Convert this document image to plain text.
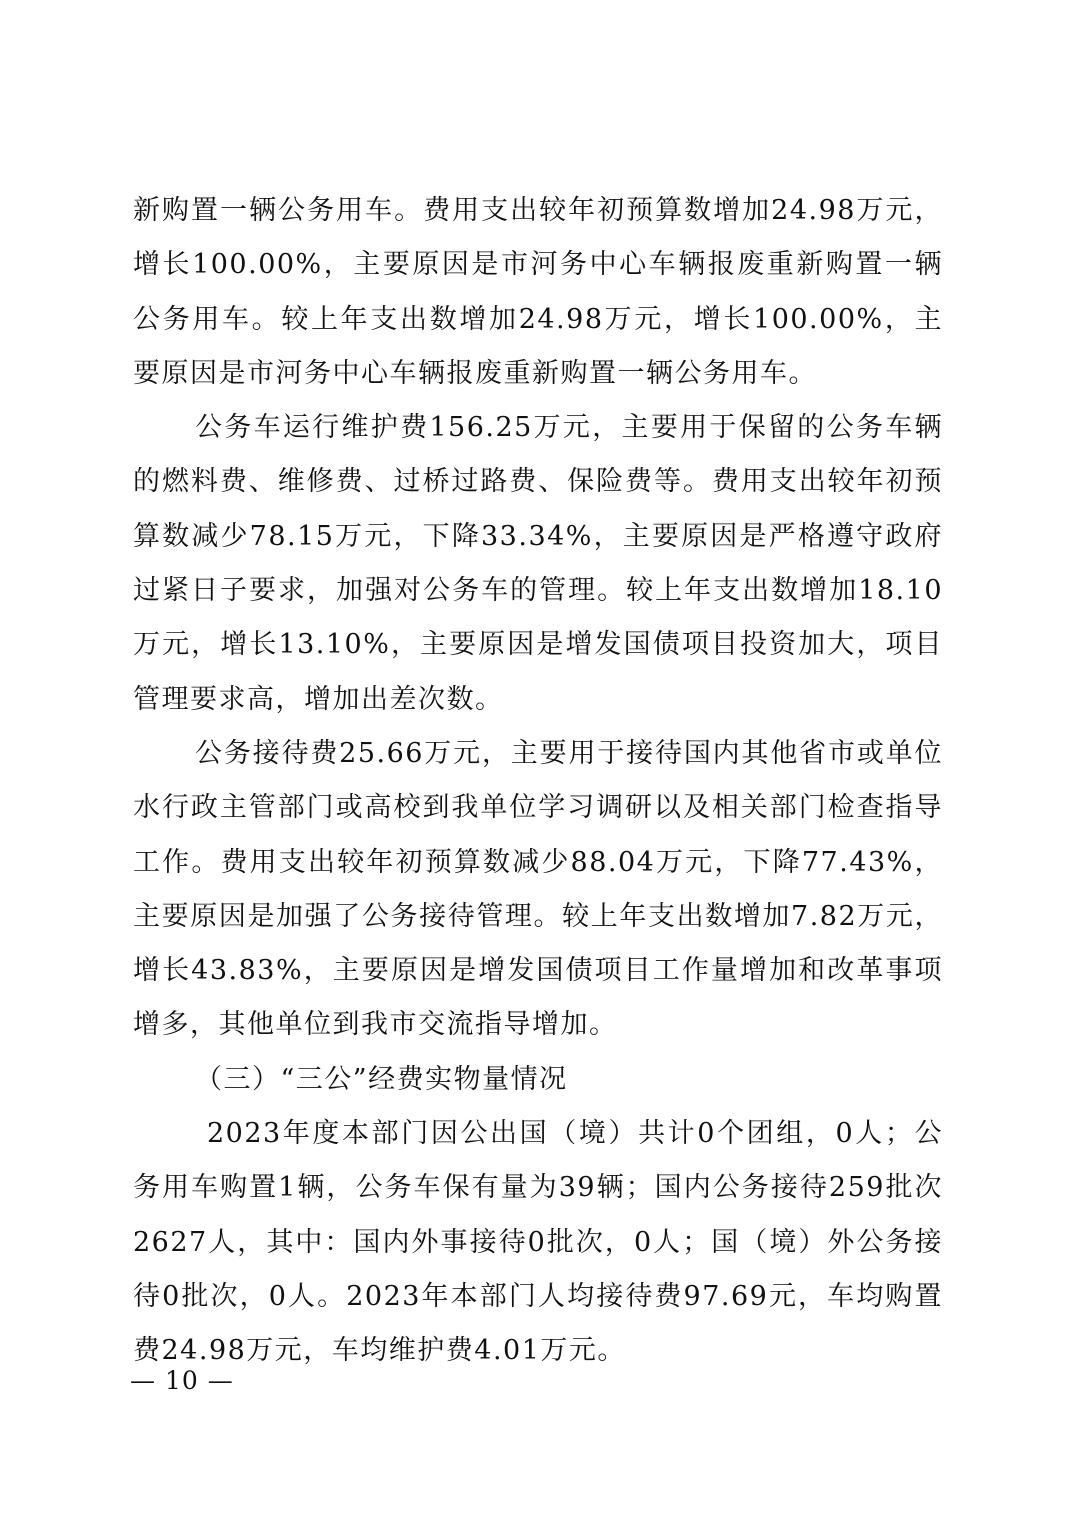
新购置一辆公务用车。费用支出较年初预算数增加24.98万元，增长100.00%，主要原因是市河务中心车辆报废重新购置一辆公务用车。较上年支出数增加24.98万元，增长100.00%，主要原因是市河务中心车辆报废重新购置一辆公务用车。

公务车运行维护费156.25万元，主要用于保留的公务车辆的燃料费、维修费、过桥过路费、保险费等。费用支出较年初预算数减少78.15万元，下降33.34%，主要原因是严格遵守政府过紧日子要求，加强对公务车的管理。较上年支出数增加18.10万元，增长13.10%，主要原因是增发国债项目投资加大，项目管理要求高，增加出差次数。

公务接待费25.66万元，主要用于接待国内其他省市或单位水行政主管部门或高校到我单位学习调研以及相关部门检查指导工作。费用支出较年初预算数减少88.04万元，下降77.43%，主要原因是加强了公务接待管理。较上年支出数增加7.82万元，增长43.83%，主要原因是增发国债项目工作量增加和改革事项增多，其他单位到我市交流指导增加。

（三）“三公”经费实物量情况

2023年度本部门因公出国（境）共计0个团组，0人；公务用车购置1辆，公务车保有量为39辆；国内公务接待259批次2627人，其中：国内外事接待0批次，0人；国（境）外公务接待0批次，0人。2023年本部门人均接待费97.69元，车均购置费24.98万元，车均维护费4.01万元。

— 10 —
